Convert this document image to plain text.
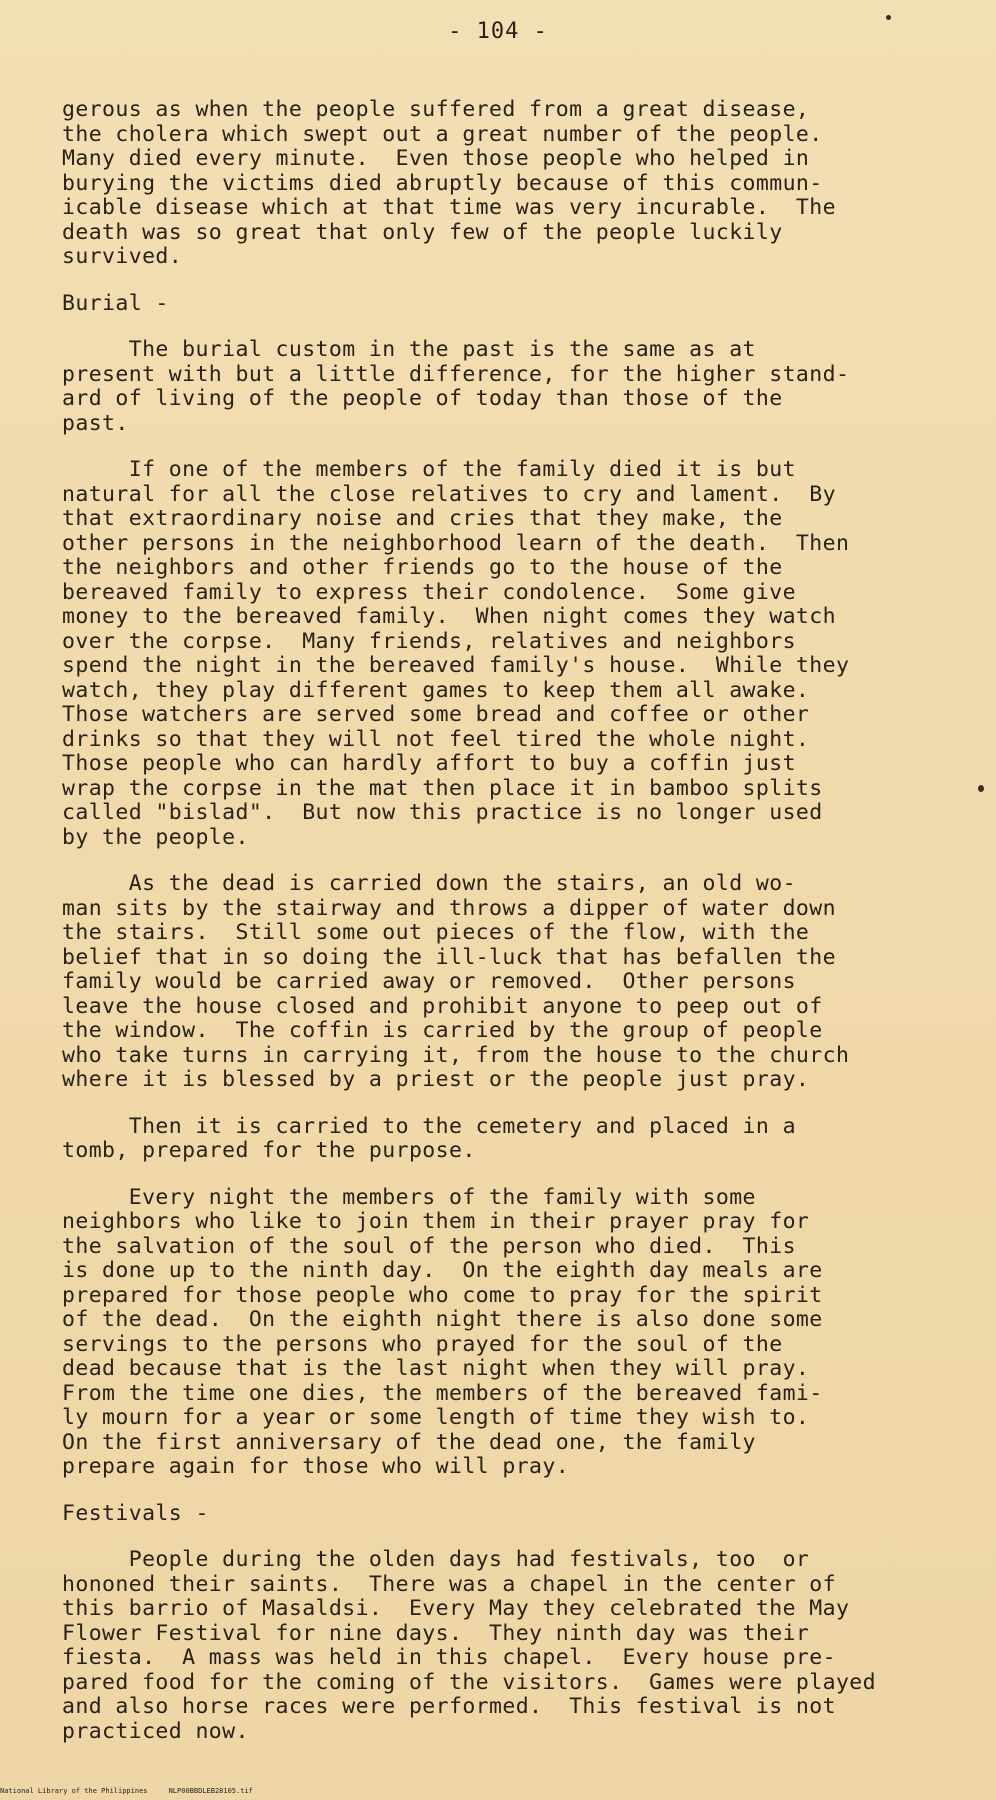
- 104 -
gerous as when the people suffered from a great disease,
the cholera which swept out a great number of the people.
Many died every minute.  Even those people who helped in
burying the victims died abruptly because of this commun-
icable disease which at that time was very incurable.  The
death was so great that only few of the people luckily
survived.
Burial -
The burial custom in the past is the same as at
present with but a little difference, for the higher stand-
ard of living of the people of today than those of the
past.
If one of the members of the family died it is but
natural for all the close relatives to cry and lament.  By
that extraordinary noise and cries that they make, the
other persons in the neighborhood learn of the death.  Then
the neighbors and other friends go to the house of the
bereaved family to express their condolence.  Some give
money to the bereaved family.  When night comes they watch
over the corpse.  Many friends, relatives and neighbors
spend the night in the bereaved family's house.  While they
watch, they play different games to keep them all awake.
Those watchers are served some bread and coffee or other
drinks so that they will not feel tired the whole night.
Those people who can hardly affort to buy a coffin just
wrap the corpse in the mat then place it in bamboo splits
called "bislad".  But now this practice is no longer used
by the people.
As the dead is carried down the stairs, an old wo-
man sits by the stairway and throws a dipper of water down
the stairs.  Still some out pieces of the flow, with the
belief that in so doing the ill-luck that has befallen the
family would be carried away or removed.  Other persons
leave the house closed and prohibit anyone to peep out of
the window.  The coffin is carried by the group of people
who take turns in carrying it, from the house to the church
where it is blessed by a priest or the people just pray.
Then it is carried to the cemetery and placed in a
tomb, prepared for the purpose.
Every night the members of the family with some
neighbors who like to join them in their prayer pray for
the salvation of the soul of the person who died.  This
is done up to the ninth day.  On the eighth day meals are
prepared for those people who come to pray for the spirit
of the dead.  On the eighth night there is also done some
servings to the persons who prayed for the soul of the
dead because that is the last night when they will pray.
From the time one dies, the members of the bereaved fami-
ly mourn for a year or some length of time they wish to.
On the first anniversary of the dead one, the family
prepare again for those who will pray.
Festivals -
People during the olden days had festivals, too  or
hononed their saints.  There was a chapel in the center of
this barrio of Masaldsi.  Every May they celebrated the May
Flower Festival for nine days.  They ninth day was their
fiesta.  A mass was held in this chapel.  Every house pre-
pared food for the coming of the visitors.  Games were played
and also horse races were performed.  This festival is not
practiced now.
National Library of the Philippines	NLP00BBDLEB28105.tif
